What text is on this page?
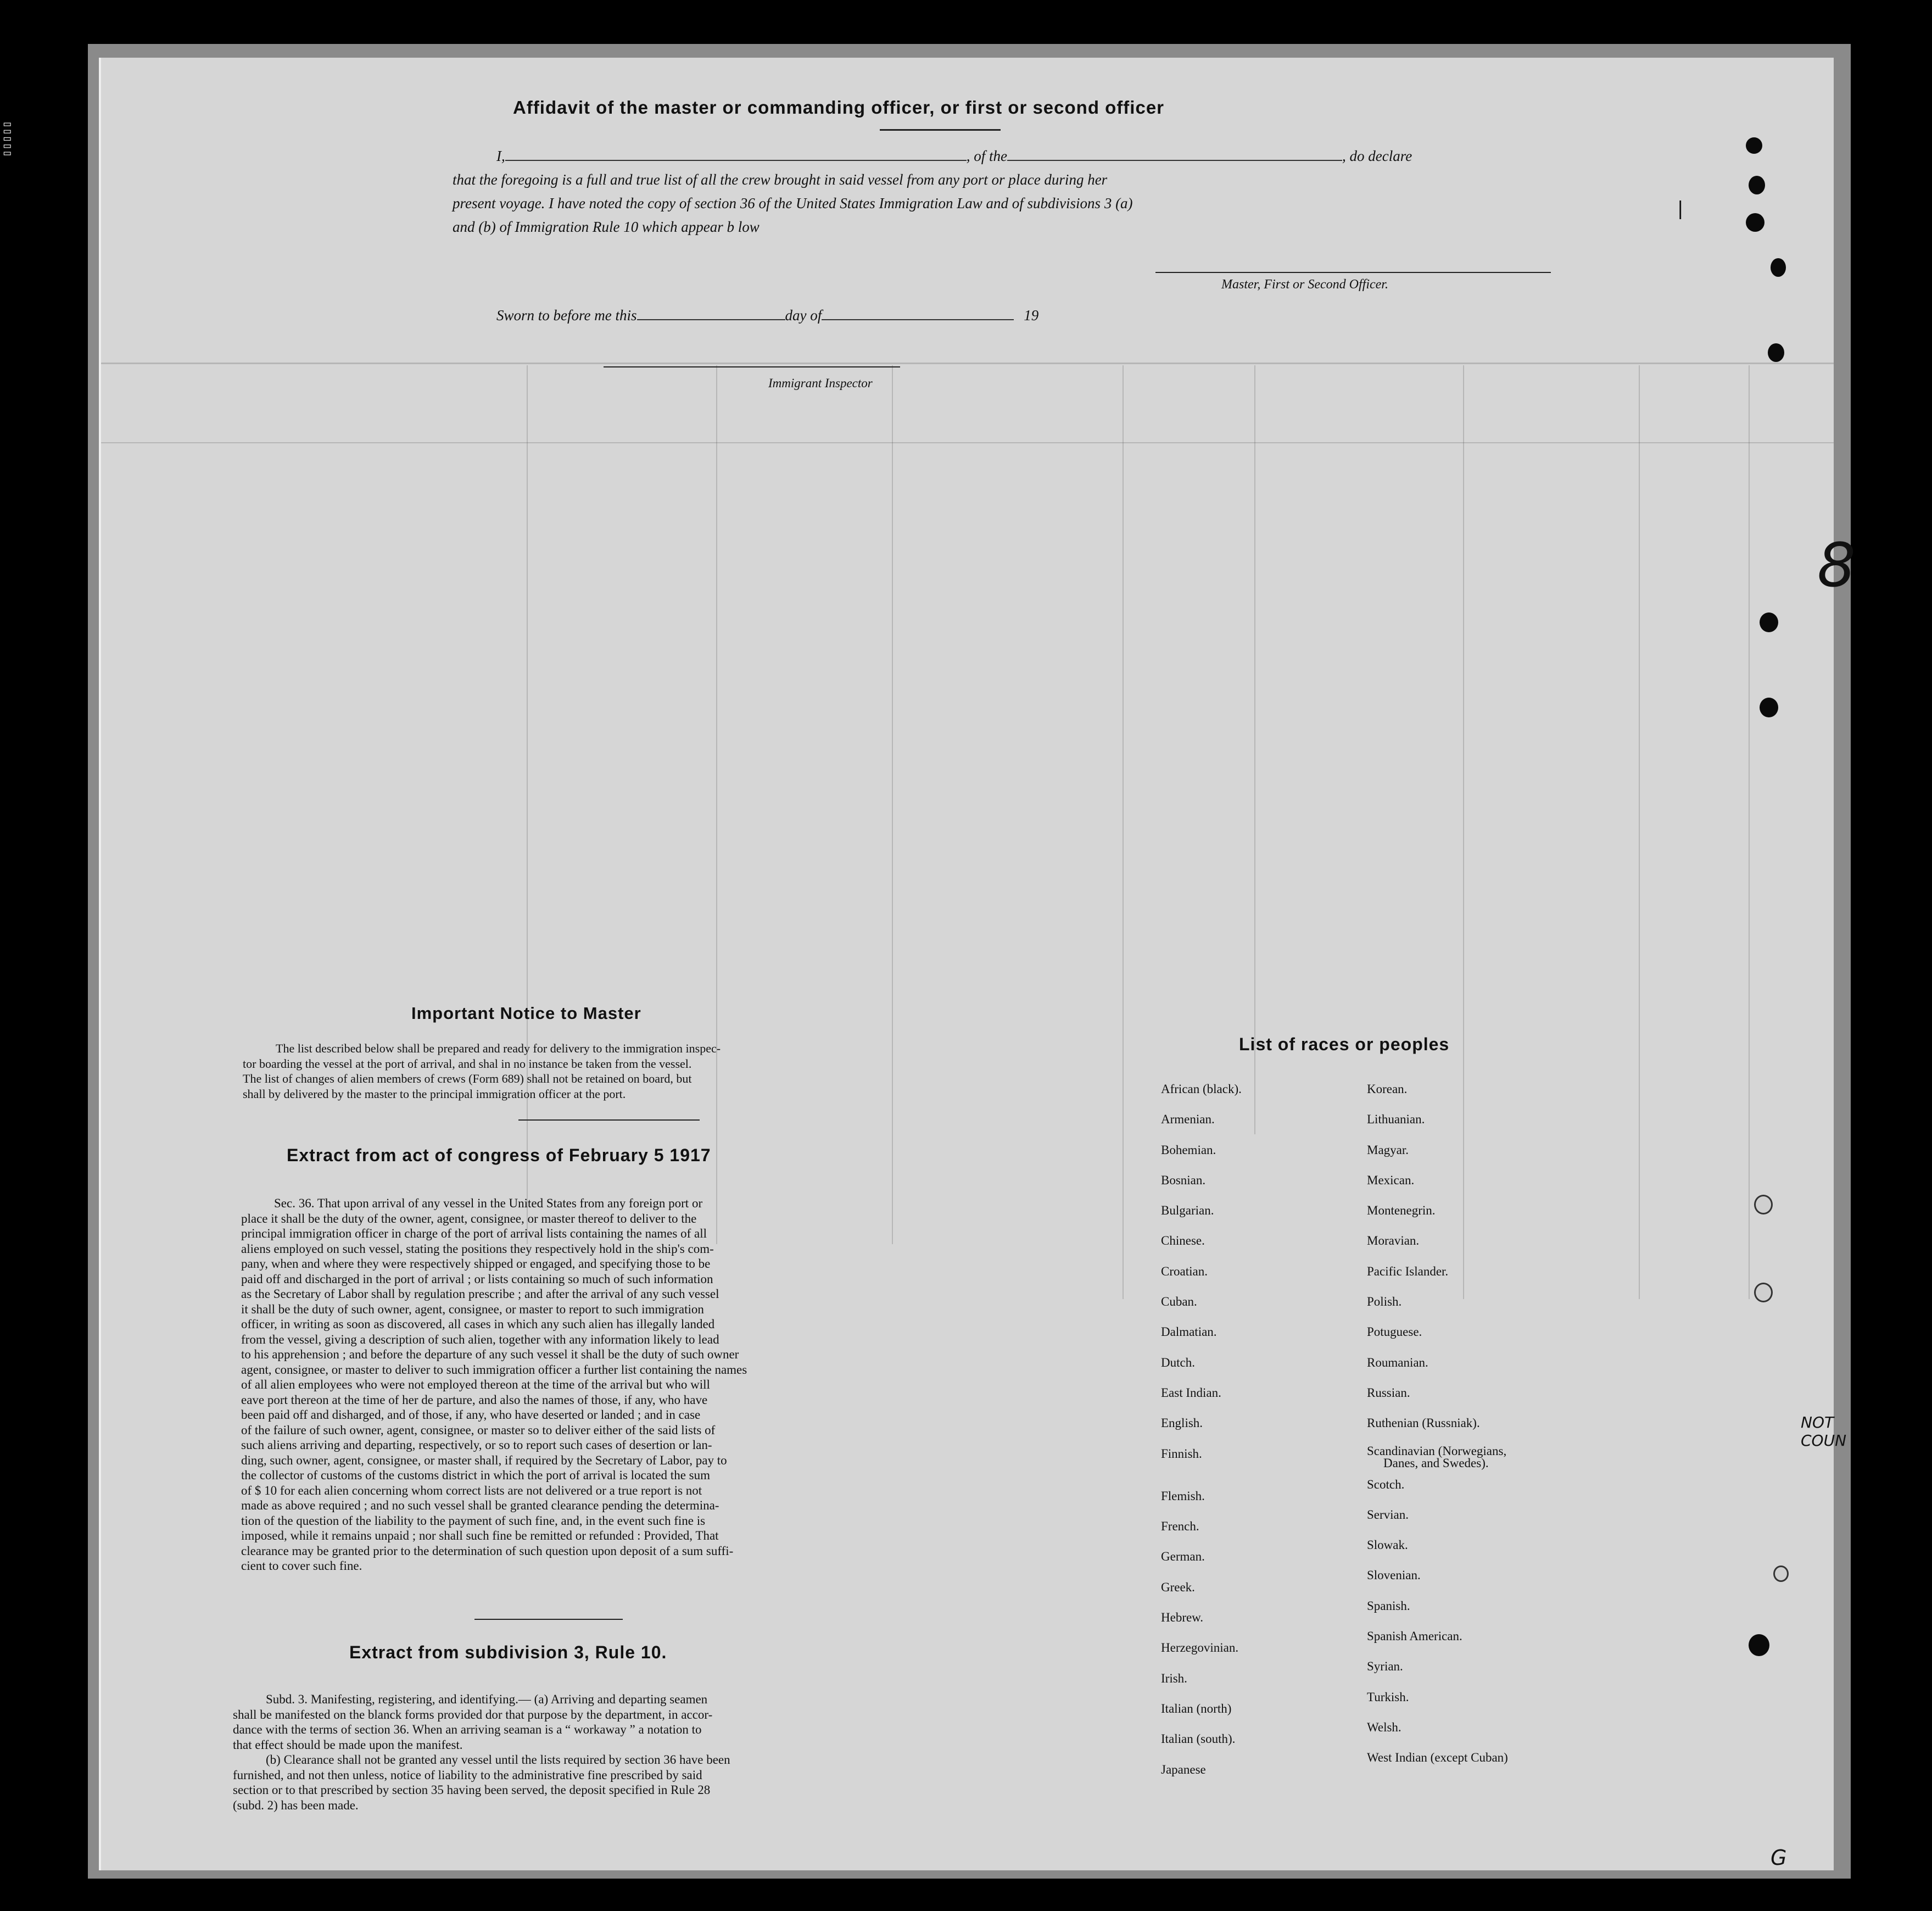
Affidavit of the master or commanding officer, or first or second officer
I,	, of the	, do declare
that the foregoing is a full and true list of all the crew brought in said vessel from any port or place during her
present voyage. I have noted the copy of section 36 of the United States Immigration Law and of subdivisions 3 (a)
and (b) of Immigration Rule 10 which appear b low
Master, First or Second Officer.
Sworn to before me this	day of	19
Immigrant Inspector
Important Notice to Master
The list described below shall be prepared and ready for delivery to the immigration inspec-
tor boarding the vessel at the port of arrival, and shal in no instance be taken from the vessel.
The list of changes of alien members of crews (Form 689) shall not be retained on board, but
shall by delivered by the master to the principal immigration officer at the port.
Extract from act of congress of February 5 1917
Sec. 36. That upon arrival of any vessel in the United States from any foreign port or
place it shall be the duty of the owner, agent, consignee, or master thereof to deliver to the
principal immigration officer in charge of the port of arrival lists containing the names of all
aliens employed on such vessel, stating the positions they respectively hold in the ship's com-
pany, when and where they were respectively shipped or engaged, and specifying those to be
paid off and discharged in the port of arrival ; or lists containing so much of such information
as the Secretary of Labor shall by regulation prescribe ; and after the arrival of any such vessel
it shall be the duty of such owner, agent, consignee, or master to report to such immigration
officer, in writing as soon as discovered, all cases in which any such alien has illegally landed
from the vessel, giving a description of such alien, together with any information likely to lead
to his apprehension ; and before the departure of any such vessel it shall be the duty of such owner
agent, consignee, or master to deliver to such immigration officer a further list containing the names
of all alien employees who were not employed thereon at the time of the arrival but who will
eave port thereon at the time of her de parture, and also the names of those, if any, who have
been paid off and disharged, and of those, if any, who have deserted or landed ; and in case
of the failure of such owner, agent, consignee, or master so to deliver either of the said lists of
such aliens arriving and departing, respectively, or so to report such cases of desertion or lan-
ding, such owner, agent, consignee, or master shall, if required by the Secretary of Labor, pay to
the collector of customs of the customs district in which the port of arrival is located the sum
of $ 10 for each alien concerning whom correct lists are not delivered or a true report is not
made as above required ; and no such vessel shall be granted clearance pending the determina-
tion of the question of the liability to the payment of such fine, and, in the event such fine is
imposed, while it remains unpaid ; nor shall such fine be remitted or refunded : Provided, That
clearance may be granted prior to the determination of such question upon deposit of a sum suffi-
cient to cover such fine.
Extract from subdivision 3, Rule 10.
Subd. 3. Manifesting, registering, and identifying.— (a) Arriving and departing seamen
shall be manifested on the blanck forms provided dor that purpose by the department, in accor-
dance with the terms of section 36. When an arriving seaman is a “ workaway ” a notation to
that effect should be made upon the manifest.
(b) Clearance shall not be granted any vessel until the lists required by section 36 have been
furnished, and not then unless, notice of liability to the administrative fine prescribed by said
section or to that prescribed by section 35 having been served, the deposit specified in Rule 28
(subd. 2) has been made.
List of races or peoples
African (black).
Armenian.
Bohemian.
Bosnian.
Bulgarian.
Chinese.
Croatian.
Cuban.
Dalmatian.
Dutch.
East Indian.
English.
Finnish.
Flemish.
French.
German.
Greek.
Hebrew.
Herzegovinian.
Irish.
Italian (north)
Italian (south).
Japanese
Korean.
Lithuanian.
Magyar.
Mexican.
Montenegrin.
Moravian.
Pacific Islander.
Polish.
Potuguese.
Roumanian.
Russian.
Ruthenian (Russniak).
Scandinavian (Norwegians,
Danes, and Swedes).
Scotch.
Servian.
Slowak.
Slovenian.
Spanish.
Spanish American.
Syrian.
Turkish.
Welsh.
West Indian (except Cuban)
8
NOT COUN
G
|
▯▯▯▯▯
